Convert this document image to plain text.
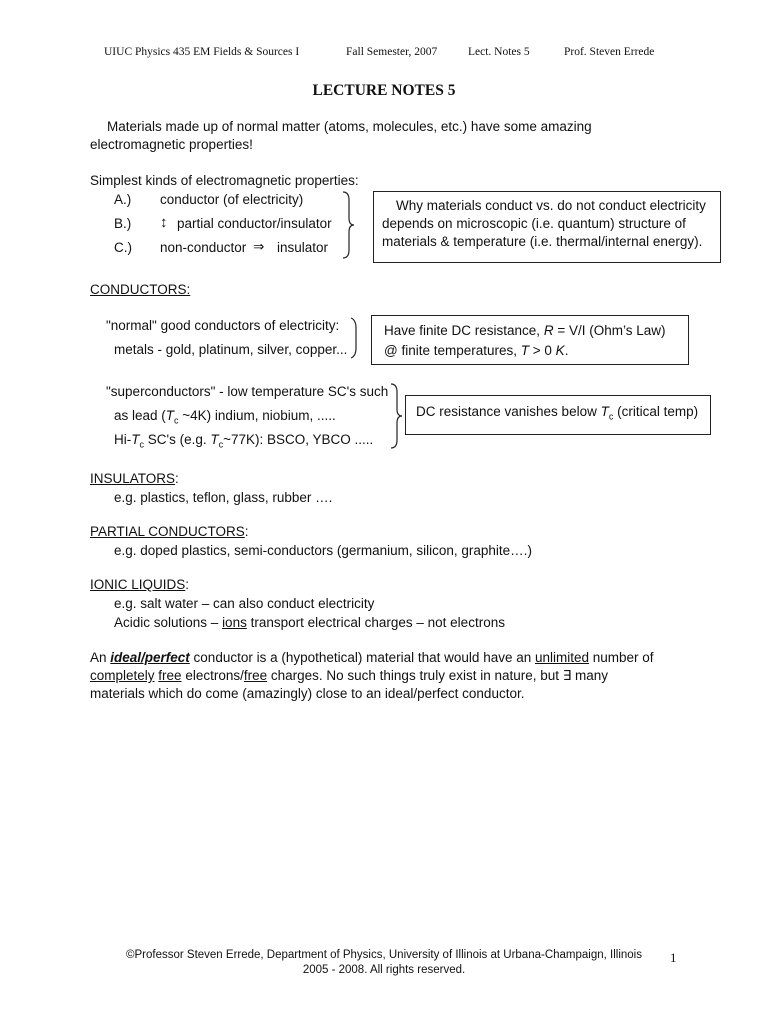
UIUC Physics 435 EM Fields & Sources I	Fall Semester, 2007	Lect. Notes 5	Prof. Steven Errede
LECTURE NOTES 5
Materials made up of normal matter (atoms, molecules, etc.) have some amazing
electromagnetic properties!
Simplest kinds of electromagnetic properties:
A.) conductor (of electricity)
B.) ↕ partial conductor/insulator
C.) non-conductor ⇒ insulator
Why materials conduct vs. do not conduct electricity
depends on microscopic (i.e. quantum) structure of
materials & temperature (i.e. thermal/internal energy).
CONDUCTORS:
"normal" good conductors of electricity:
metals - gold, platinum, silver, copper...
Have finite DC resistance, R = V/I (Ohm’s Law)
@ finite temperatures, T > 0 K.
"superconductors" - low temperature SC's such
as lead ($T_c$ ~4K) indium, niobium, .....
$Hi-T_c$ SC's (e.g. $T_c\sim 77K$): BSCO, YBCO .....
DC resistance vanishes below $T_c$ (critical temp)
INSULATORS:
e.g. plastics, teflon, glass, rubber ….
PARTIAL CONDUCTORS:
e.g. doped plastics, semi-conductors (germanium, silicon, graphite….)
IONIC LIQUIDS:
e.g. salt water – can also conduct electricity
Acidic solutions – ions transport electrical charges – not electrons
An ideal/perfect conductor is a (hypothetical) material that would have an unlimited number of
completely free electrons/free charges. No such things truly exist in nature, but ∃ many
materials which do come (amazingly) close to an ideal/perfect conductor.
©Professor Steven Errede, Department of Physics, University of Illinois at Urbana-Champaign, Illinois
2005 - 2008. All rights reserved.
1
